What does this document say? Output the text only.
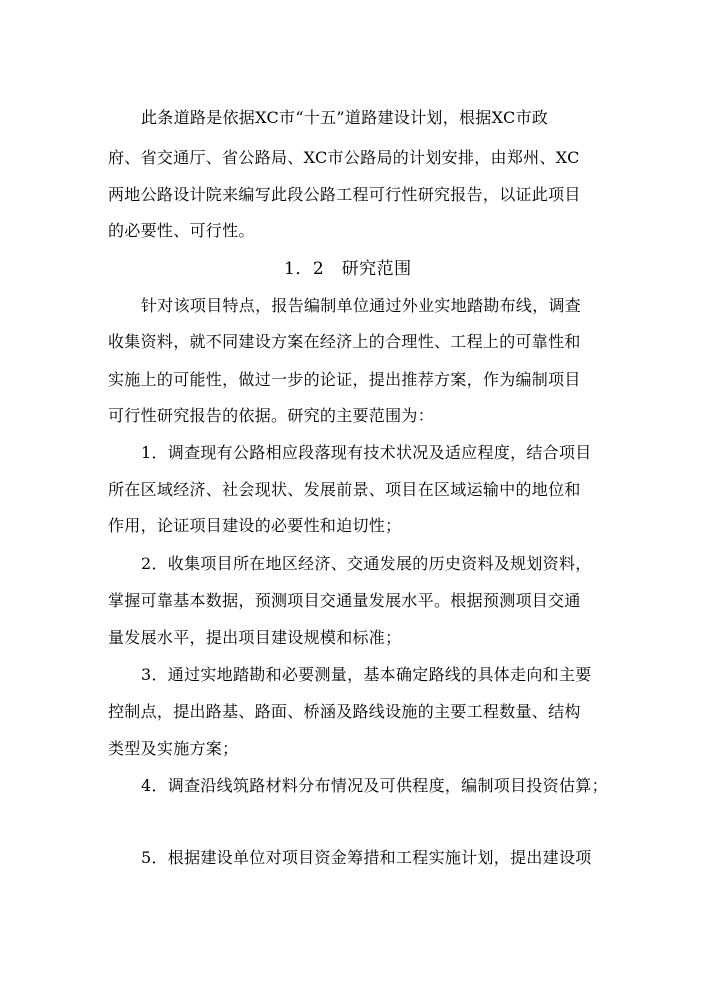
此条道路是依据XC市“十五”道路建设计划，根据XC市政
府、省交通厅、省公路局、XC市公路局的计划安排，由郑州、XC
两地公路设计院来编写此段公路工程可行性研究报告，以证此项目
的必要性、可行性。
1．2　研究范围
针对该项目特点，报告编制单位通过外业实地踏勘布线，调查
收集资料，就不同建设方案在经济上的合理性、工程上的可靠性和
实施上的可能性，做过一步的论证，提出推荐方案，作为编制项目
可行性研究报告的依据。研究的主要范围为：
1．调查现有公路相应段落现有技术状况及适应程度，结合项目
所在区域经济、社会现状、发展前景、项目在区域运输中的地位和
作用，论证项目建设的必要性和迫切性；
2．收集项目所在地区经济、交通发展的历史资料及规划资料，
掌握可靠基本数据，预测项目交通量发展水平。根据预测项目交通
量发展水平，提出项目建设规模和标准；
3．通过实地踏勘和必要测量，基本确定路线的具体走向和主要
控制点，提出路基、路面、桥涵及路线设施的主要工程数量、结构
类型及实施方案；
4．调查沿线筑路材料分布情况及可供程度，编制项目投资估算；
5．根据建设单位对项目资金筹措和工程实施计划，提出建设项
